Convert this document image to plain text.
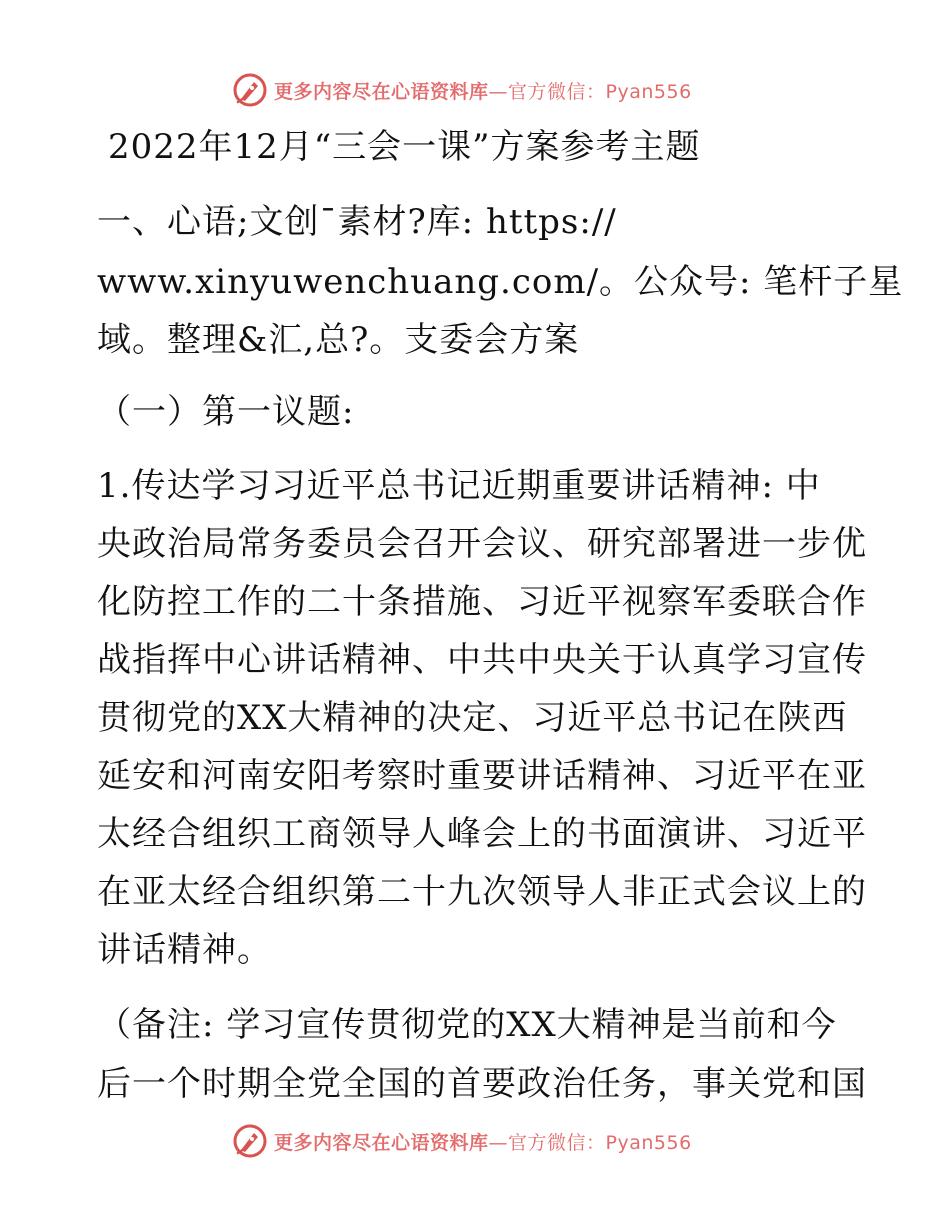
更多内容尽在心语资料库—官方微信：Pyan556
2022年12月“三会一课”方案参考主题
一、心语;文创¯素材?库: https://
www.xinyuwenchuang.com/。公众号: 笔杆子星
域。整理&汇,总?。支委会方案
（一）第一议题:
1.传达学习习近平总书记近期重要讲话精神: 中
央政治局常务委员会召开会议、研究部署进一步优
化防控工作的二十条措施、习近平视察军委联合作
战指挥中心讲话精神、中共中央关于认真学习宣传
贯彻党的XX大精神的决定、习近平总书记在陕西
延安和河南安阳考察时重要讲话精神、习近平在亚
太经合组织工商领导人峰会上的书面演讲、习近平
在亚太经合组织第二十九次领导人非正式会议上的
讲话精神。
（备注: 学习宣传贯彻党的XX大精神是当前和今
后一个时期全党全国的首要政治任务，事关党和国
更多内容尽在心语资料库—官方微信：Pyan556
